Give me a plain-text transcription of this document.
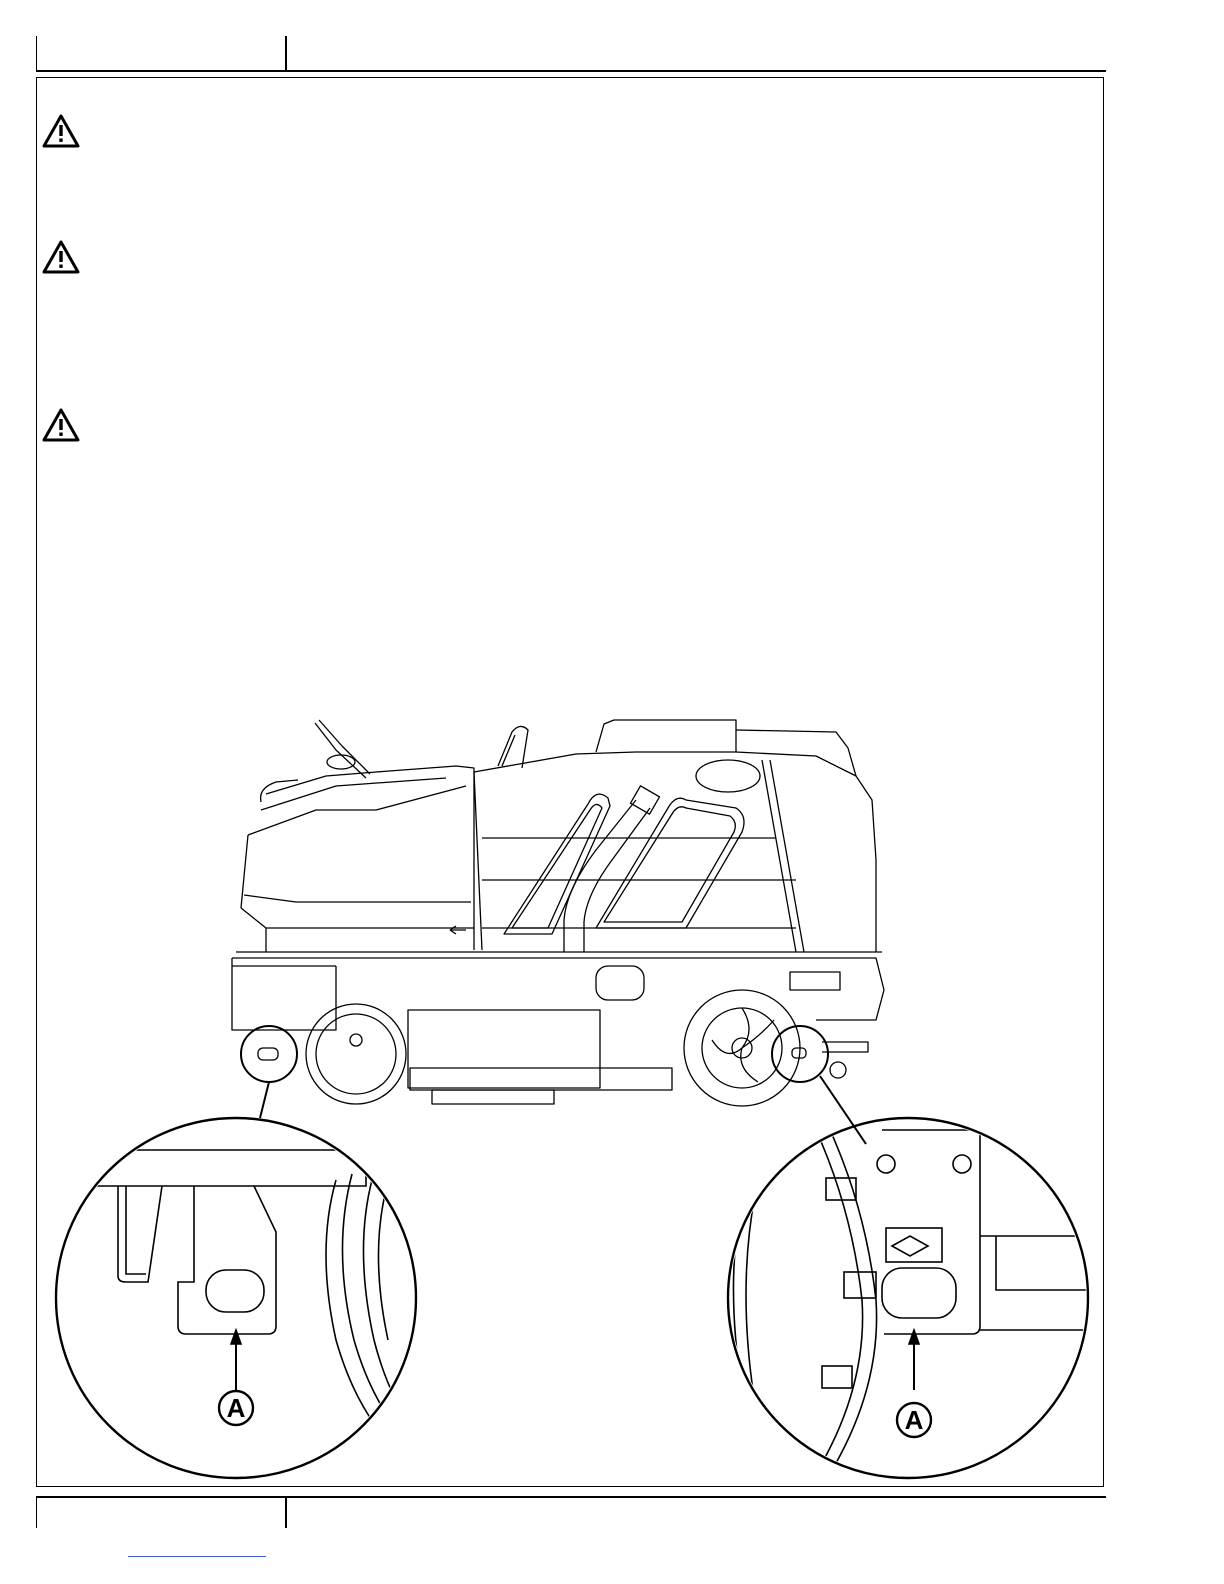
A	A
